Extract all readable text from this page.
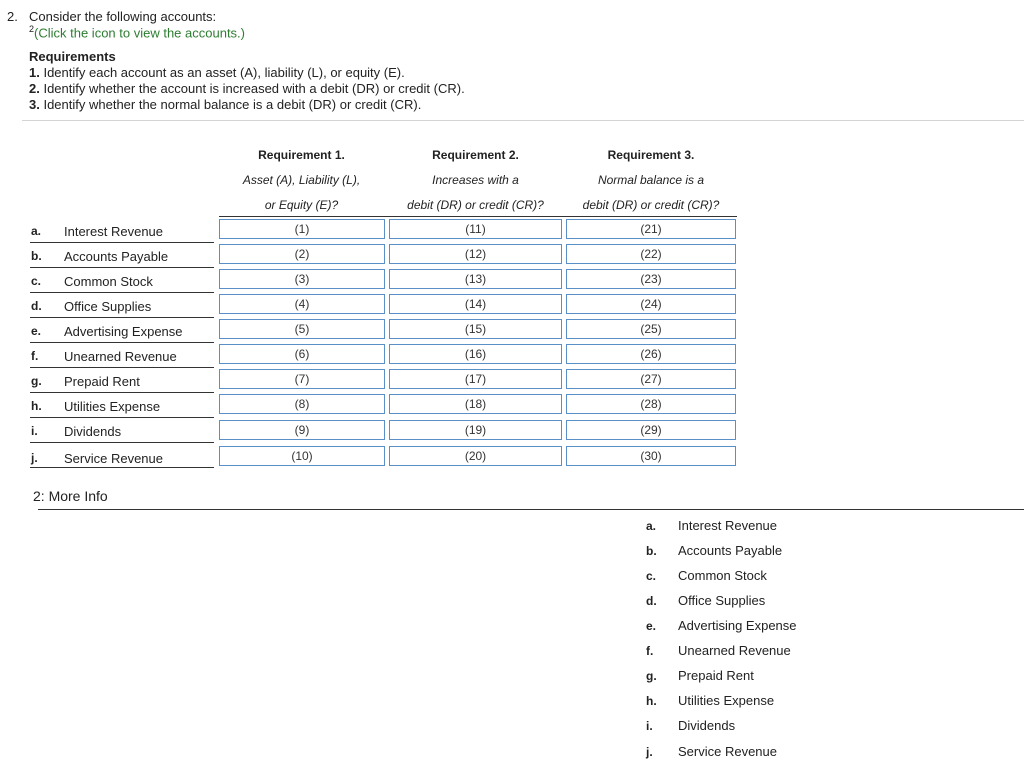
2. Consider the following accounts:
$^2$(Click the icon to view the accounts.)
Requirements
1. Identify each account as an asset (A), liability (L), or equity (E).
2. Identify whether the account is increased with a debit (DR) or credit (CR).
3. Identify whether the normal balance is a debit (DR) or credit (CR).
Requirement 1.
Asset (A), Liability (L),
or Equity (E)?
Requirement 2.
Increases with a
debit (DR) or credit (CR)?
Requirement 3.
Normal balance is a
debit (DR) or credit (CR)?
a. Interest Revenue	(1)	(11)	(21)
b. Accounts Payable	(2)	(12)	(22)
c. Common Stock	(3)	(13)	(23)
d. Office Supplies	(4)	(14)	(24)
e. Advertising Expense	(5)	(15)	(25)
f. Unearned Revenue	(6)	(16)	(26)
g. Prepaid Rent	(7)	(17)	(27)
h. Utilities Expense	(8)	(18)	(28)
i. Dividends	(9)	(19)	(29)
j. Service Revenue	(10)	(20)	(30)
2: More Info
a. Interest Revenue
b. Accounts Payable
c. Common Stock
d. Office Supplies
e. Advertising Expense
f. Unearned Revenue
g. Prepaid Rent
h. Utilities Expense
i. Dividends
j. Service Revenue
